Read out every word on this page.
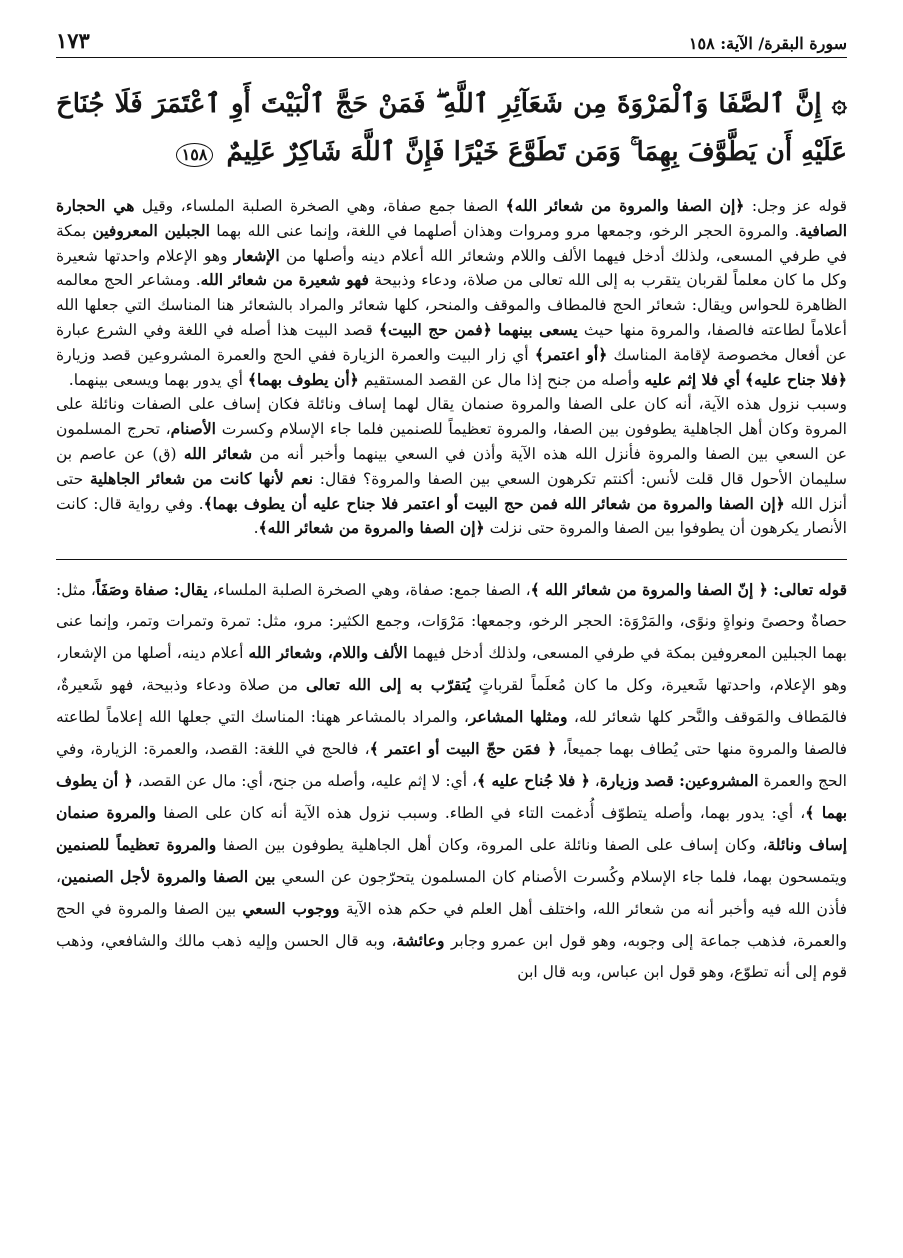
سورة البقرة/ الآية: ١٥٨
١٧٣
۞ إِنَّ ٱلصَّفَا وَٱلْمَرْوَةَ مِن شَعَآئِرِ ٱللَّهِ ۖ فَمَنْ حَجَّ ٱلْبَيْتَ أَوِ ٱعْتَمَرَ فَلَا جُنَاحَ عَلَيْهِ أَن يَطَّوَّفَ بِهِمَا ۚ وَمَن تَطَوَّعَ خَيْرًا فَإِنَّ ٱللَّهَ شَاكِرٌ عَلِيمٌ ١٥٨

قوله عز وجل: ﴿إن الصفا والمروة من شعائر الله﴾ الصفا جمع صفاة، وهي الصخرة الصلبة الملساء، وقيل هي الحجارة الصافية. والمروة الحجر الرخو، وجمعها مرو ومروات وهذان أصلهما في اللغة، وإنما عنى الله بهما الجبلين المعروفين بمكة في طرفي المسعى، ولذلك أدخل فيهما الألف واللام وشعائر الله أعلام دينه وأصلها من الإشعار وهو الإعلام واحدتها شعيرة وكل ما كان معلماً لقربان يتقرب به إلى الله تعالى من صلاة، ودعاء وذبيحة فهو شعيرة من شعائر الله. ومشاعر الحج معالمه الظاهرة للحواس ويقال: شعائر الحج فالمطاف والموقف والمنحر، كلها شعائر والمراد بالشعائر هنا المناسك التي جعلها الله أعلاماً لطاعته فالصفا، والمروة منها حيث يسعى بينهما ﴿فمن حج البيت﴾ قصد البيت هذا أصله في اللغة وفي الشرع عبارة عن أفعال مخصوصة لإقامة المناسك ﴿أو اعتمر﴾ أي زار البيت والعمرة الزيارة ففي الحج والعمرة المشروعين قصد وزيارة ﴿فلا جناح عليه﴾ أي فلا إثم عليه وأصله من جنح إذا مال عن القصد المستقيم ﴿أن يطوف بهما﴾ أي يدور بهما ويسعى بينهما.

وسبب نزول هذه الآية، أنه كان على الصفا والمروة صنمان يقال لهما إساف ونائلة فكان إساف على الصفات ونائلة على المروة وكان أهل الجاهلية يطوفون بين الصفا، والمروة تعظيماً للصنمين فلما جاء الإسلام وكسرت الأصنام، تحرج المسلمون عن السعي بين الصفا والمروة فأنزل الله هذه الآية وأذن في السعي بينهما وأخبر أنه من شعائر الله (ق) عن عاصم بن سليمان الأحول قال قلت لأنس: أكنتم تكرهون السعي بين الصفا والمروة؟ فقال: نعم لأنها كانت من شعائر الجاهلية حتى أنزل الله ﴿إن الصفا والمروة من شعائر الله فمن حج البيت أو اعتمر فلا جناح عليه أن يطوف بهما﴾. وفي رواية قال: كانت الأنصار يكرهون أن يطوفوا بين الصفا والمروة حتى نزلت ﴿إن الصفا والمروة من شعائر الله﴾.

قوله تعالى: ﴿ إنّ الصفا والمروة من شعائر الله ﴾، الصفا جمع: صفاة، وهي الصخرة الصلبة الملساء، يقال: صفاة وصَفَاً، مثل: حصاةٌ وحصىً ونواةٍ ونوًى، والمَرْوَة: الحجر الرخو، وجمعها: مَرْوَات، وجمع الكثير: مرو، مثل: تمرة وتمرات وتمر، وإنما عنى بهما الجبلين المعروفين بمكة في طرفي المسعى، ولذلك أدخل فيهما الألف واللام، وشعائر الله أعلام دينه، أصلها من الإشعار، وهو الإعلام، واحدتها شَعيرة، وكل ما كان مُعلَماً لقرباتٍ يُتقرّب به إلى الله تعالى من صلاة ودعاء وذبيحة، فهو شَعيرةٌ، فالمَطاف والمَوقف والنَّحر كلها شعائر لله، ومثلها المشاعر، والمراد بالمشاعر ههنا: المناسك التي جعلها الله إعلاماً لطاعته فالصفا والمروة منها حتى يُطاف بهما جميعاً، ﴿ فمَن حجّ البيت أو اعتمر ﴾، فالحج في اللغة: القصد، والعمرة: الزيارة، وفي الحج والعمرة المشروعين: قصد وزيارة، ﴿ فلا جُناح عليه ﴾، أي: لا إثم عليه، وأصله من جنح، أي: مال عن القصد، ﴿ أن يطوف بهما ﴾، أي: يدور بهما، وأصله يتطوّف أُدغمت التاء في الطاء. وسبب نزول هذه الآية أنه كان على الصفا والمروة صنمان إساف ونائلة، وكان إساف على الصفا ونائلة على المروة، وكان أهل الجاهلية يطوفون بين الصفا والمروة تعظيماً للصنمين ويتمسحون بهما، فلما جاء الإسلام وكُسرت الأصنام كان المسلمون يتحرّجون عن السعي بين الصفا والمروة لأجل الصنمين، فأذن الله فيه وأخبر أنه من شعائر الله، واختلف أهل العلم في حكم هذه الآية ووجوب السعي بين الصفا والمروة في الحج والعمرة، فذهب جماعة إلى وجوبه، وهو قول ابن عمرو وجابر وعائشة، وبه قال الحسن وإليه ذهب مالك والشافعي، وذهب قوم إلى أنه تطوّع، وهو قول ابن عباس، وبه قال ابن
